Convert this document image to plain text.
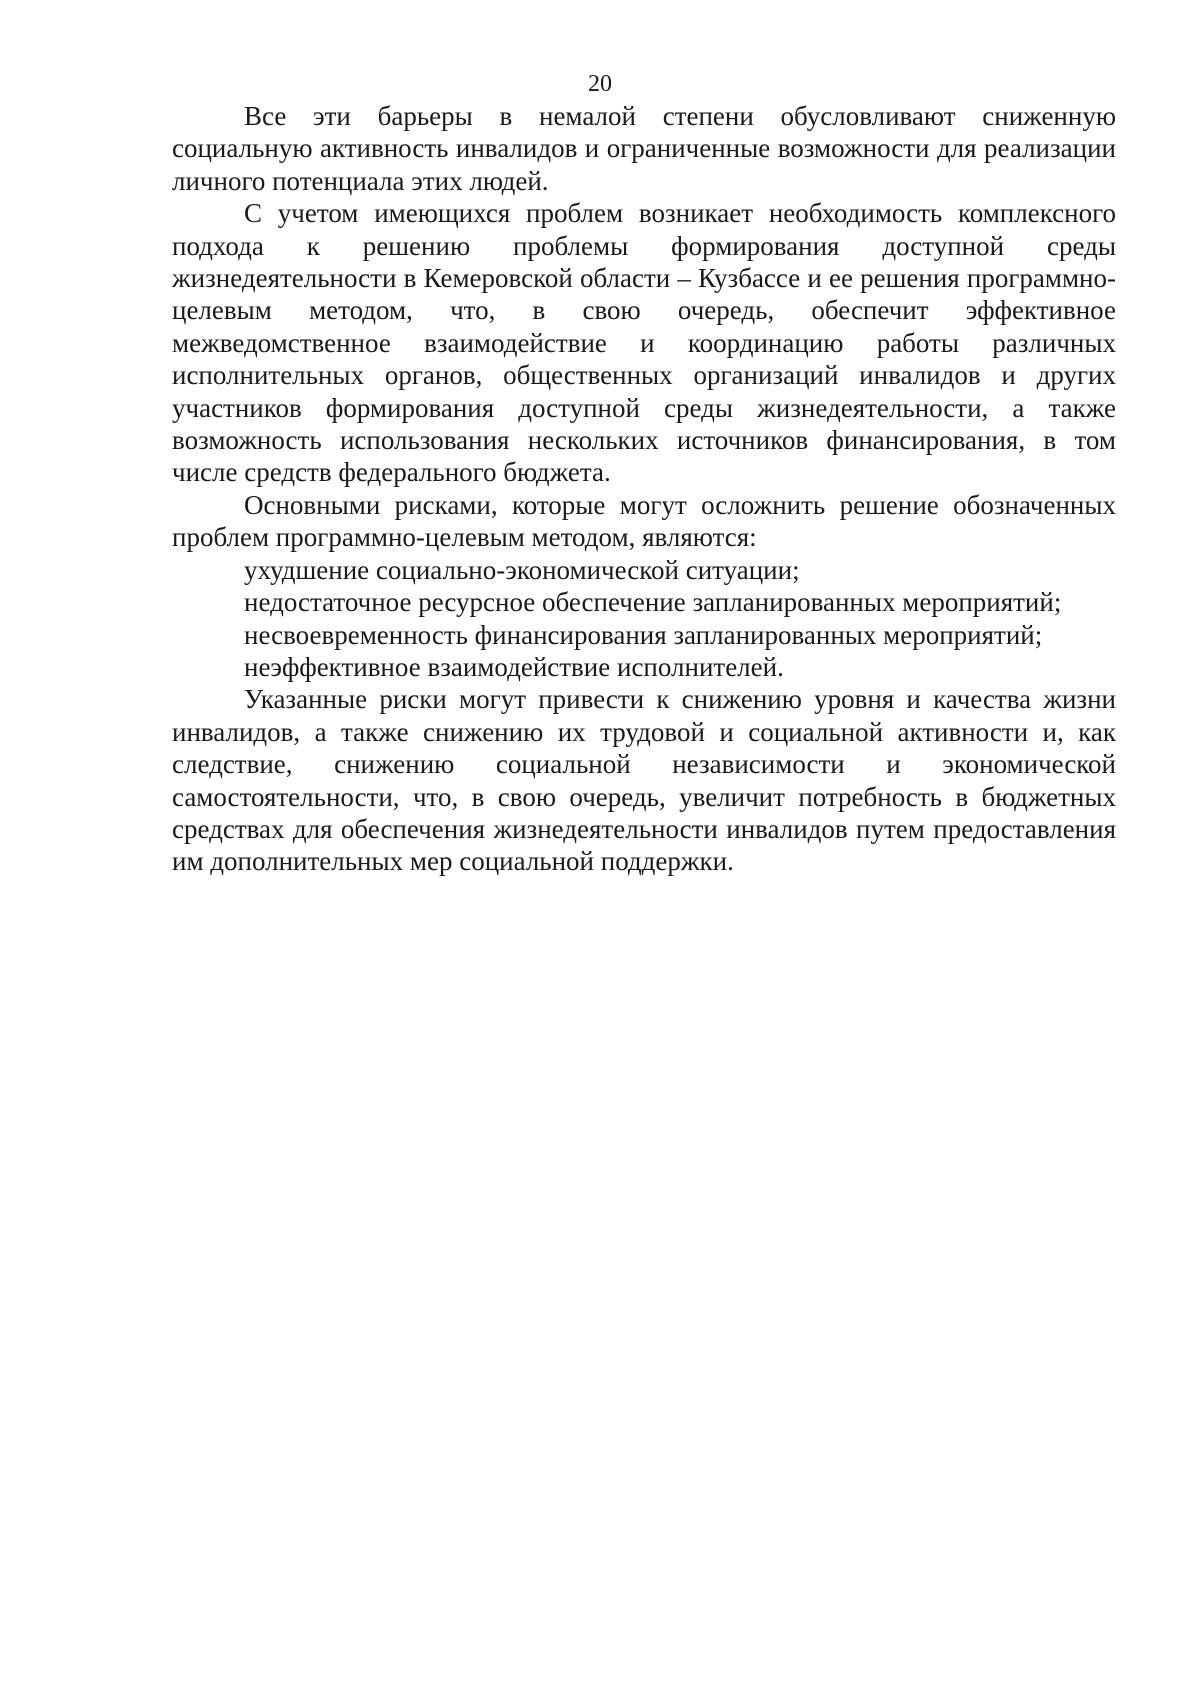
20

Все эти барьеры в немалой степени обусловливают сниженную социальную активность инвалидов и ограниченные возможности для реализации личного потенциала этих людей.

С учетом имеющихся проблем возникает необходимость комплексного подхода к решению проблемы формирования доступной среды жизнедеятельности в Кемеровской области – Кузбассе и ее решения программно-целевым методом, что, в свою очередь, обеспечит эффективное межведомственное взаимодействие и координацию работы различных исполнительных органов, общественных организаций инвалидов и других участников формирования доступной среды жизнедеятельности, а также возможность использования нескольких источников финансирования, в том числе средств федерального бюджета.

Основными рисками, которые могут осложнить решение обозначенных проблем программно-целевым методом, являются:

ухудшение социально-экономической ситуации;

недостаточное ресурсное обеспечение запланированных мероприятий;

несвоевременность финансирования запланированных мероприятий;

неэффективное взаимодействие исполнителей.

Указанные риски могут привести к снижению уровня и качества жизни инвалидов, а также снижению их трудовой и социальной активности и, как следствие, снижению социальной независимости и экономической самостоятельности, что, в свою очередь, увеличит потребность в бюджетных средствах для обеспечения жизнедеятельности инвалидов путем предоставления им дополнительных мер социальной поддержки.
